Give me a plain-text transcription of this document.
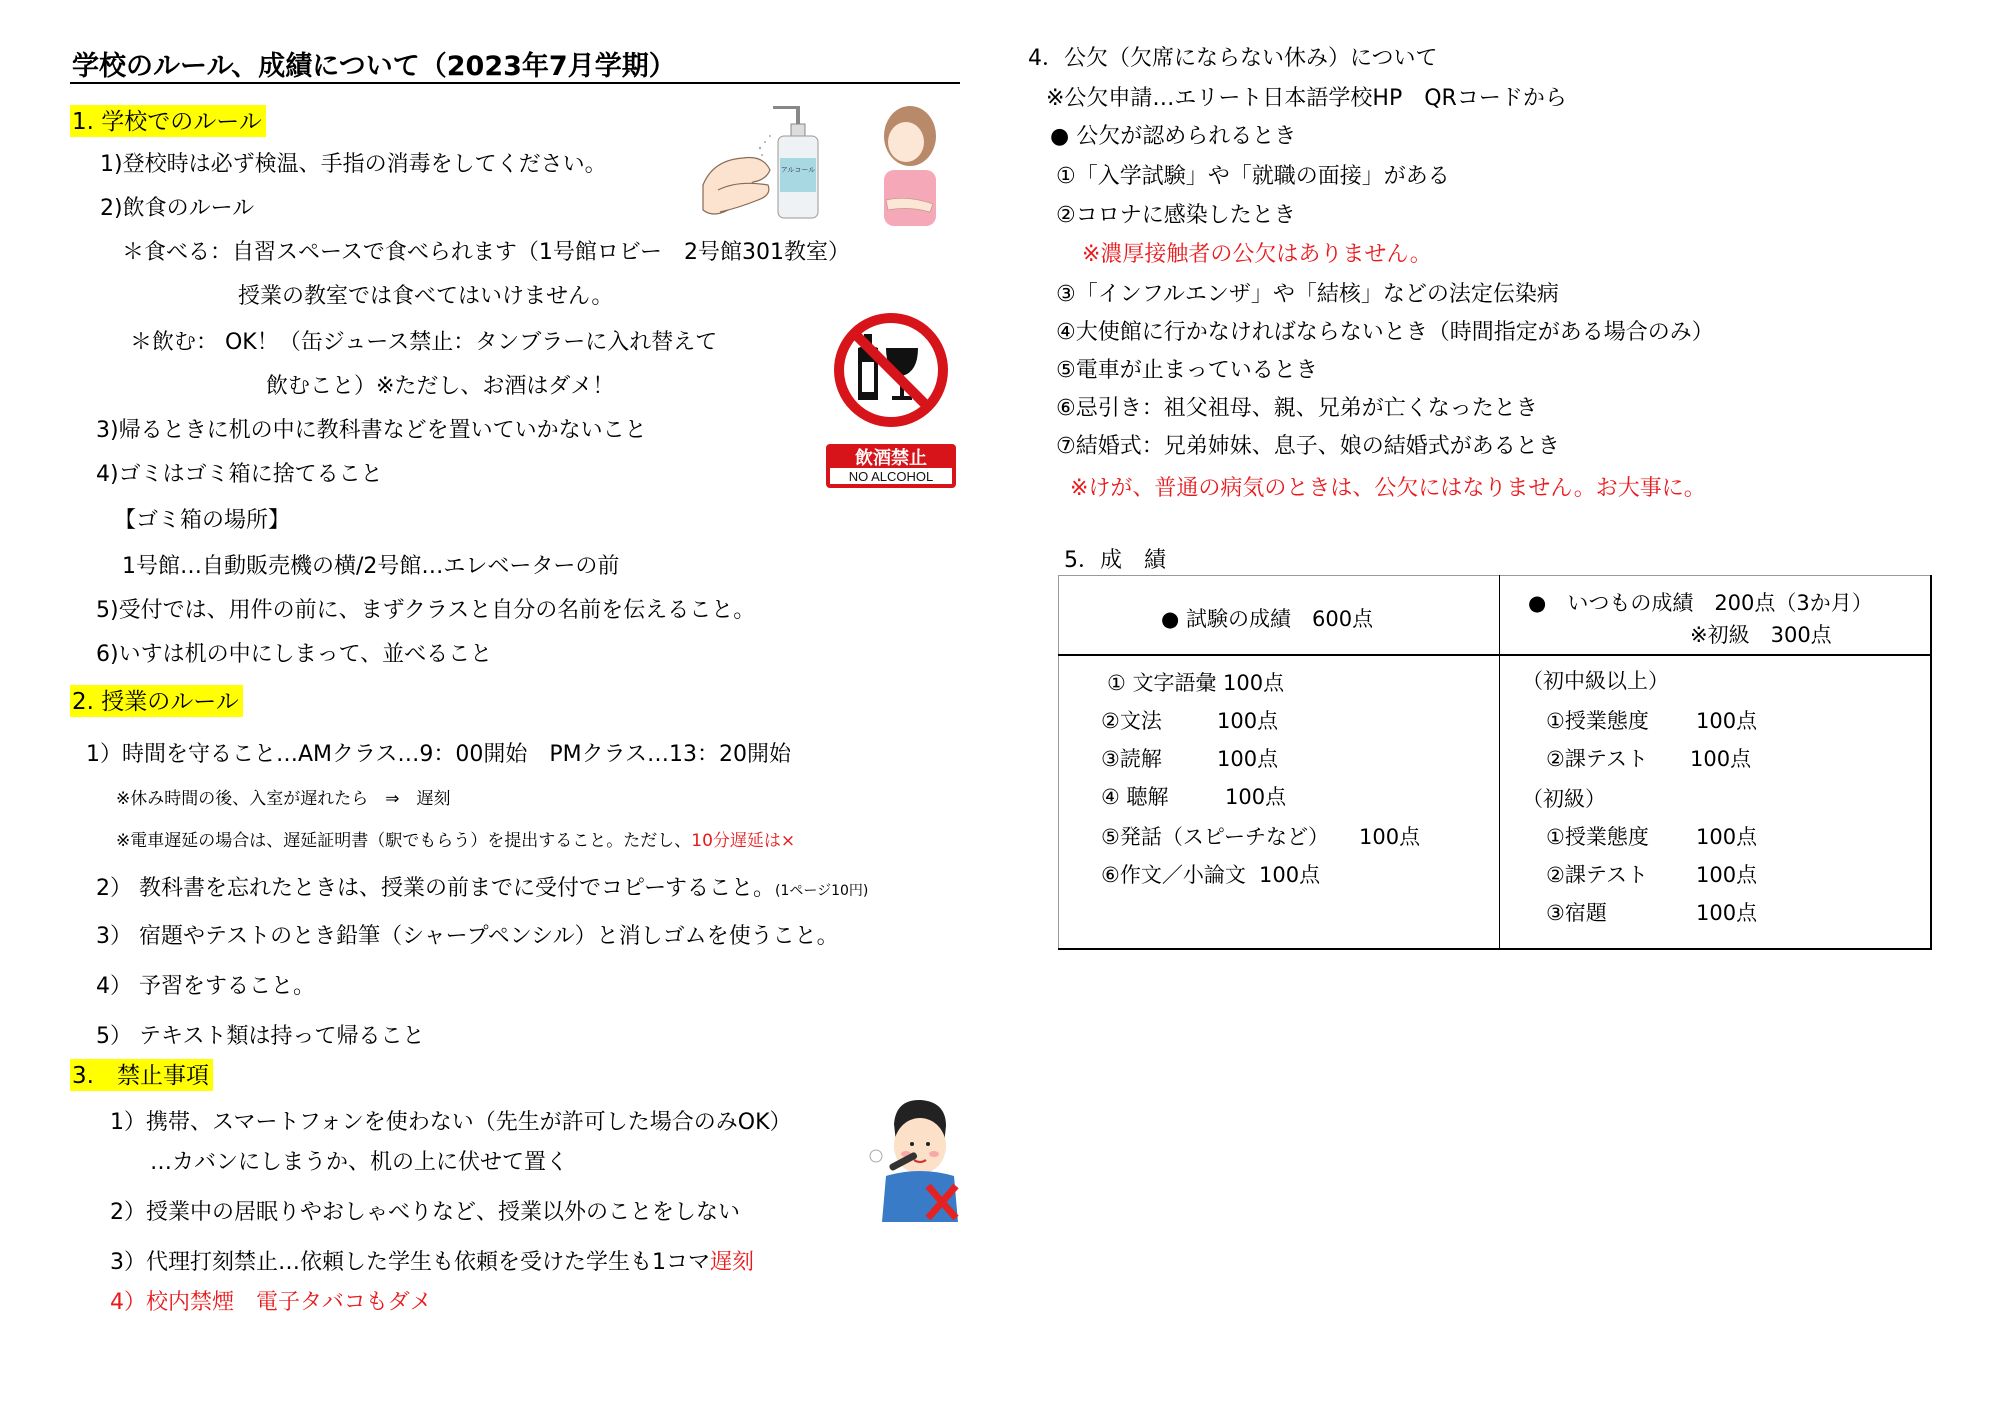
学校のルール、成績について（2023年7月学期）
1. 学校でのルール
1)登校時は必ず検温、手指の消毒をしてください。
2)飲食のルール
＊食べる：自習スペースで食べられます（1号館ロビー　2号館301教室）
授業の教室では食べてはいけません。
＊飲む： OK！（缶ジュース禁止：タンブラーに入れ替えて
飲むこと）※ただし、お酒はダメ！
3)帰るときに机の中に教科書などを置いていかないこと
4)ゴミはゴミ箱に捨てること
【ゴミ箱の場所】
1号館…自動販売機の横/2号館…エレベーターの前
5)受付では、用件の前に、まずクラスと自分の名前を伝えること。
6)いすは机の中にしまって、並べること
アルコール
飲酒禁止
NO ALCOHOL
2. 授業のルール
1）時間を守ること…AMクラス…9：00開始　PMクラス…13：20開始
※休み時間の後、入室が遅れたら　⇒　遅刻
※電車遅延の場合は、遅延証明書（駅でもらう）を提出すること。ただし、10分遅延は×
2） 教科書を忘れたときは、授業の前までに受付でコピーすること。(1ページ10円)
3） 宿題やテストのとき鉛筆（シャープペンシル）と消しゴムを使うこと。
4） 予習をすること。
5） テキスト類は持って帰ること
3.　禁止事項
1）携帯、スマートフォンを使わない（先生が許可した場合のみOK）
…カバンにしまうか、机の上に伏せて置く
2）授業中の居眠りやおしゃべりなど、授業以外のことをしない
3）代理打刻禁止…依頼した学生も依頼を受けた学生も1コマ遅刻
4）校内禁煙　電子タバコもダメ
4．公欠（欠席にならない休み）について
※公欠申請…エリート日本語学校HP　QRコードから
● 公欠が認められるとき
①「入学試験」や「就職の面接」がある
②コロナに感染したとき
※濃厚接触者の公欠はありません。
③「インフルエンザ」や「結核」などの法定伝染病
④大使館に行かなければならないとき（時間指定がある場合のみ）
⑤電車が止まっているとき
⑥忌引き：祖父祖母、親、兄弟が亡くなったとき
⑦結婚式：兄弟姉妹、息子、娘の結婚式があるとき
※けが、普通の病気のときは、公欠にはなりません。お大事に。
5．成　績
● 試験の成績　600点	●　いつもの成績　200点（3か月）
※初級　300点

① 文字語彙 100点
②文法	100点
③読解	100点
④ 聴解	100点
⑤発話（スピーチなど） 100点
⑥作文／小論文 100点

（初中級以上）
①授業態度 100点
②課テスト 100点
（初級）
①授業態度 100点
②課テスト 100点
③宿題	100点
